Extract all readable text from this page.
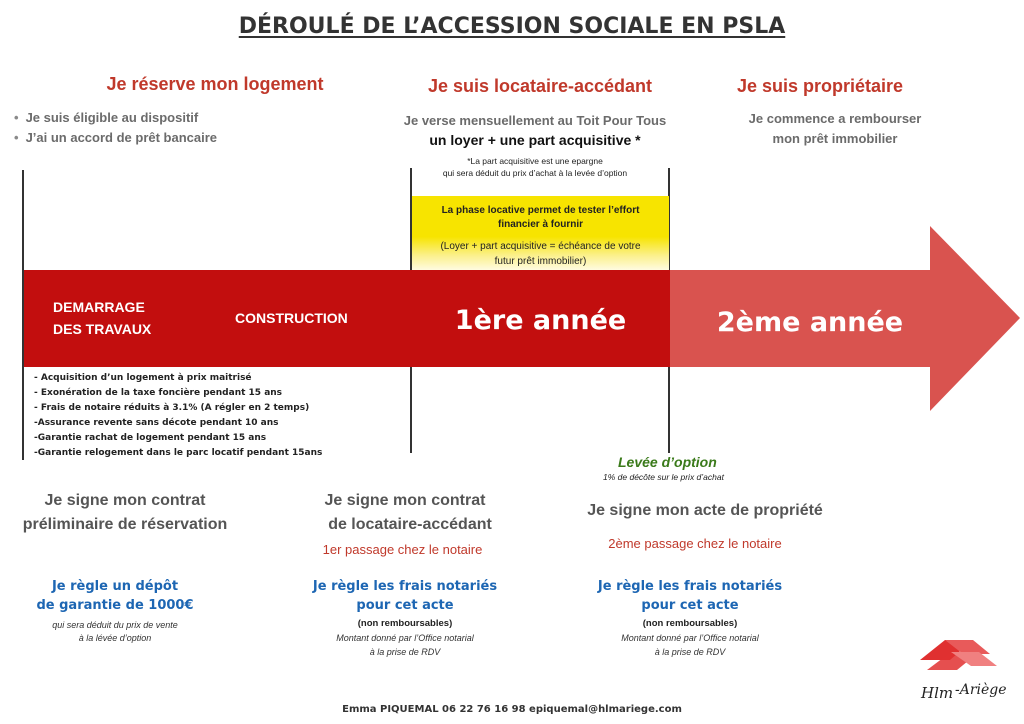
DÉROULÉ DE L’ACCESSION SOCIALE EN PSLA
Je réserve mon logement
• Je suis éligible au dispositif
• J’ai un accord de prêt bancaire
Je suis locataire-accédant
Je verse mensuellement au Toit Pour Tous
un loyer + une part acquisitive *
*La part acquisitive est une epargne
qui sera déduit du prix d’achat à la levée d’option
Je suis propriétaire
Je commence a rembourser
mon prêt immobilier
La phase locative permet de tester l’effort
financier à fournir
(Loyer + part acquisitive = échéance de votre
futur prêt immobilier)
DEMARRAGE
DES TRAVAUX
CONSTRUCTION	1ère année	2ème année
- Acquisition d’un logement à prix maitrisé
- Exonération de la taxe foncière pendant 15 ans
- Frais de notaire réduits à 3.1% (A régler en 2 temps)
-Assurance revente sans décote pendant 10 ans
-Garantie rachat de logement pendant 15 ans
-Garantie relogement dans le parc locatif pendant 15ans
Levée d’option
1% de décôte sur le prix d’achat
Je signe mon contrat
préliminaire de réservation
Je règle un dépôt
de garantie de 1000€
qui sera déduit du prix de vente
à la lévée d’option
Je signe mon contrat
de locataire-accédant
1er passage chez le notaire
Je règle les frais notariés
pour cet acte
(non remboursables)
Montant donné par l’Office notarial
à la prise de RDV
Je signe mon acte de propriété
2ème passage chez le notaire
Je règle les frais notariés
pour cet acte
(non remboursables)
Montant donné par l’Office notarial
à la prise de RDV
Hlm -Ariège
Emma PIQUEMAL 06 22 76 16 98 epiquemal@hlmariege.com
